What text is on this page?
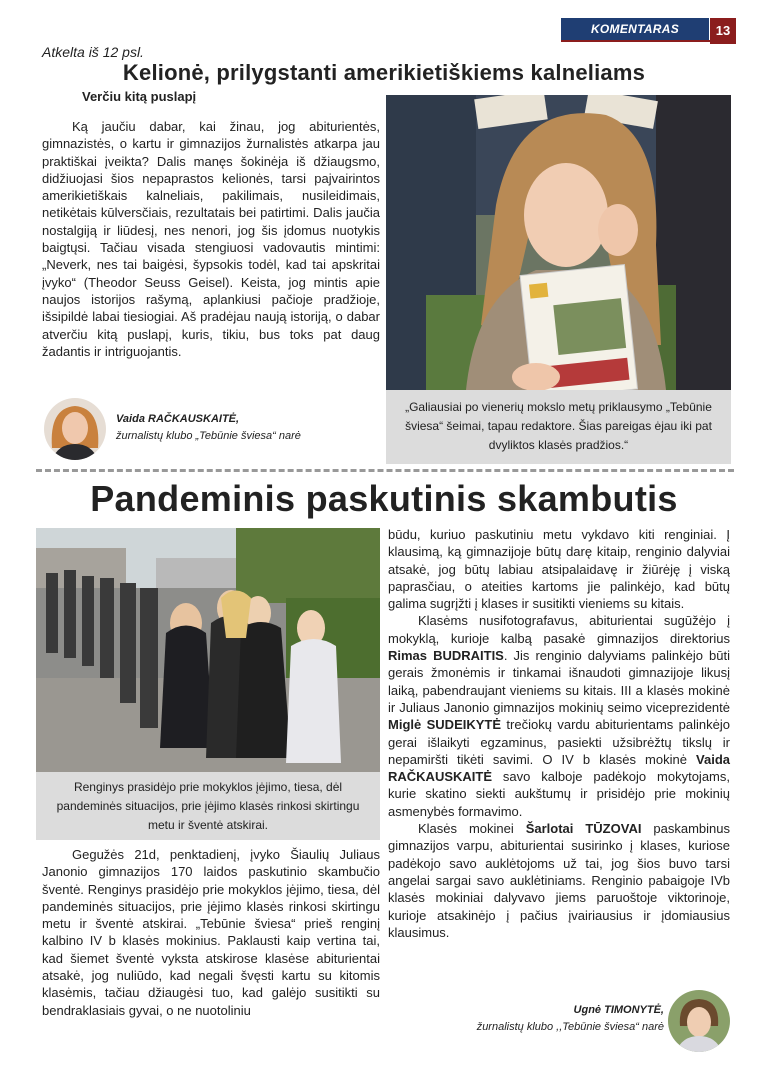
KOMENTARAS	13
Atkelta iš 12 psl.
Kelionė, prilygstanti amerikietiškiems kalneliams
Verčiu kitą puslapį

Ką jaučiu dabar, kai žinau, jog abiturientės, gimnazistės, o kartu ir gimnazijos žurnalistės atkarpa jau praktiškai įveikta? Dalis manęs šokinėja iš džiaugsmo, didžiuojasi šios nepaprastos kelionės, tarsi pajvairintos amerikietiškais kalneliais, pakilimais, nusileidimais, netikėtais kūlversčiais, rezultatais bei patirtimi. Dalis jaučia nostalgiją ir liūdesį, nes nenori, jog šis įdomus nuotykis baigtųsi. Tačiau visada stengiuosi vadovautis mintimi: „Neverk, nes tai baigėsi, šypsokis todėl, kad tai apskritai įvyko“ (Theodor Seuss Geisel). Keista, jog mintis apie naujos istorijos rašymą, aplankiusi pačioje pradžioje, išsipildė labai tiesiogiai. Aš pradėjau naują istoriją, o dabar atverčiu kitą puslapį, kuris, tikiu, bus toks pat daug žadantis ir intriguojantis.

„Galiausiai po vienerių mokslo metų priklausymo „Tebūnie šviesa“ šeimai, tapau redaktore. Šias pareigas ėjau iki pat dvyliktos klasės pradžios.“
Vaida RAČKAUSKAITĖ,
žurnalistų klubo „Tebūnie šviesa“ narė
Pandeminis paskutinis skambutis
Renginys prasidėjo prie mokyklos įėjimo, tiesa, dėl pandeminės situacijos, prie įėjimo klasės rinkosi skirtingu metu ir šventė atskirai.

Gegužės 21d, penktadienį, įvyko Šiaulių Juliaus Janonio gimnazijos 170 laidos paskutinio skambučio šventė. Renginys prasidėjo prie mokyklos įėjimo, tiesa, dėl pandeminės situacijos, prie įėjimo klasės rinkosi skirtingu metu ir šventė atskirai. „Tebūnie šviesa“ prieš renginį kalbino IV b klasės mokinius. Paklausti kaip vertina tai, kad šiemet šventė vyksta atskirose klasėse abiturientai atsakė, jog nuliūdo, kad negali švęsti kartu su kitomis klasėmis, tačiau džiaugėsi tuo, kad galėjo susitikti su bendraklasiais gyvai, o ne nuotoliniu

būdu, kuriuo paskutiniu metu vykdavo kiti renginiai. Į klausimą, ką gimnazijoje būtų darę kitaip, renginio dalyviai atsakė, jog būtų labiau atsipalaidavę ir žiūrėję į viską paprasčiau, o ateities kartoms jie palinkėjo, kad būtų galima sugrįžti į klases ir susitikti vieniems su kitais.

Klasėms nusifotografavus, abiturientai sugūžėjo į mokyklą, kurioje kalbą pasakė gimnazijos direktorius Rimas BUDRAITIS. Jis renginio dalyviams palinkėjo būti gerais žmonėmis ir tinkamai išnaudoti gimnazijoje likusį laiką, pabendraujant vieniems su kitais. III a klasės mokinė ir Juliaus Janonio gimnazijos mokinių seimo viceprezidentė Miglė SUDEIKYTĖ trečiokų vardu abiturientams palinkėjo gerai išlaikyti egzaminus, pasiekti užsibrėžtų tikslų ir nepamiršti tikėti savimi. O IV b klasės mokinė Vaida RAČKAUSKAITĖ savo kalboje padėkojo mokytojams, kurie skatino siekti aukštumų ir prisidėjo prie mokinių asmenybės formavimo.

Klasės mokinei Šarlotai TŪZOVAI paskambinus gimnazijos varpu, abiturientai susirinko į klases, kuriose padėkojo savo auklėtojoms už tai, jog šios buvo tarsi angelai sargai savo auklėtiniams. Renginio pabaigoje IVb klasės mokiniai dalyvavo jiems paruoštoje viktorinoje, kurioje atsakinėjo į pačius įvairiausius ir įdomiausius klausimus.

Ugnė TIMONYTĖ,
žurnalistų klubo ,,Tebūnie šviesa“ narė
